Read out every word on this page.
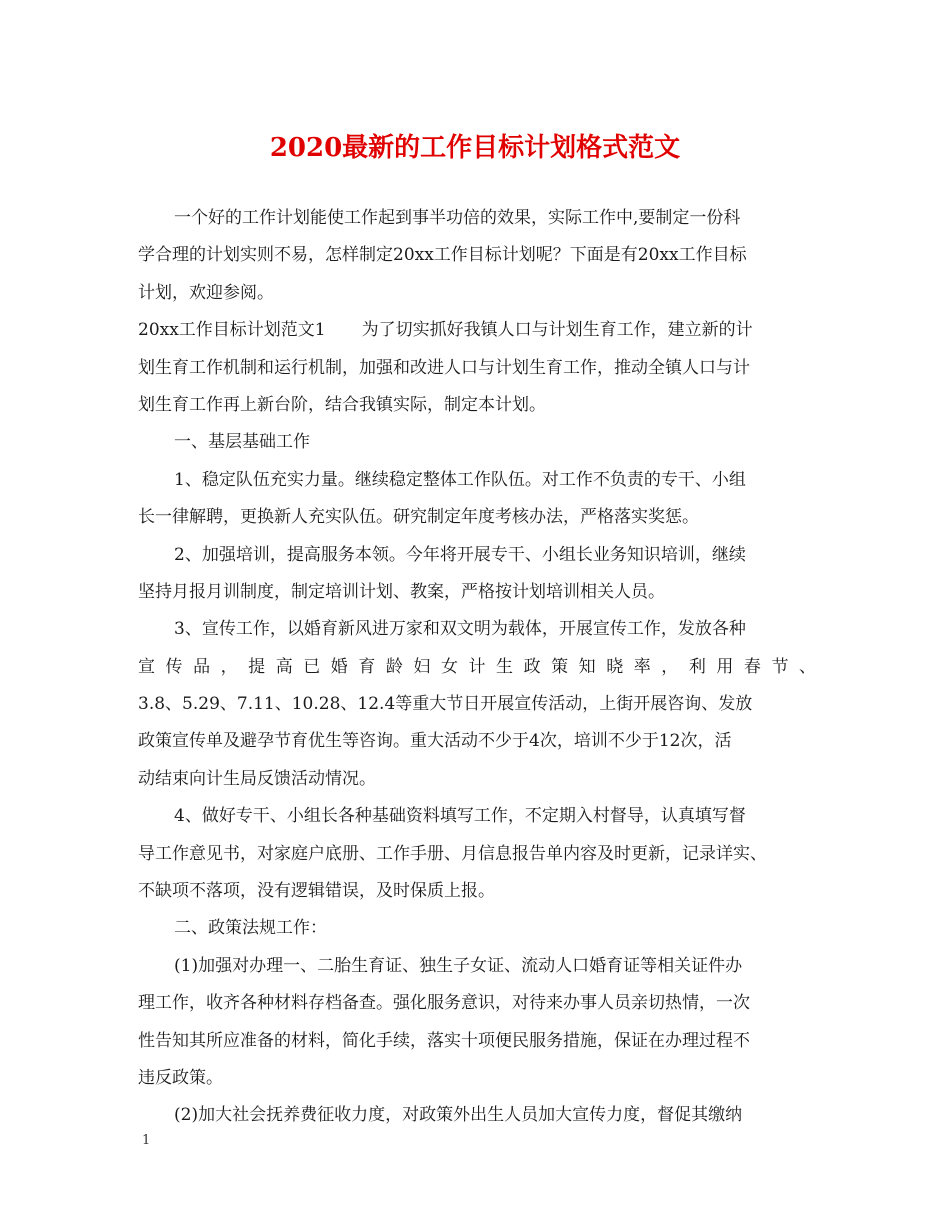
2020最新的工作目标计划格式范文
一个好的工作计划能使工作起到事半功倍的效果，实际工作中,要制定一份科
学合理的计划实则不易，怎样制定20xx工作目标计划呢？下面是有20xx工作目标
计划，欢迎参阅。
20xx工作目标计划范文1 为了切实抓好我镇人口与计划生育工作，建立新的计
划生育工作机制和运行机制，加强和改进人口与计划生育工作，推动全镇人口与计
划生育工作再上新台阶，结合我镇实际，制定本计划。
一、基层基础工作
1、稳定队伍充实力量。继续稳定整体工作队伍。对工作不负责的专干、小组
长一律解聘，更换新人充实队伍。研究制定年度考核办法，严格落实奖惩。
2、加强培训，提高服务本领。今年将开展专干、小组长业务知识培训，继续
坚持月报月训制度，制定培训计划、教案，严格按计划培训相关人员。
3、宣传工作，以婚育新风进万家和双文明为载体，开展宣传工作，发放各种
宣传品，提高已婚育龄妇女计生政策知晓率，利用春节、
3.8、5.29、7.11、10.28、12.4等重大节日开展宣传活动，上街开展咨询、发放
政策宣传单及避孕节育优生等咨询。重大活动不少于4次，培训不少于12次，活
动结束向计生局反馈活动情况。
4、做好专干、小组长各种基础资料填写工作，不定期入村督导，认真填写督
导工作意见书，对家庭户底册、工作手册、月信息报告单内容及时更新，记录详实、
不缺项不落项，没有逻辑错误，及时保质上报。
二、政策法规工作：
(1)加强对办理一、二胎生育证、独生子女证、流动人口婚育证等相关证件办
理工作，收齐各种材料存档备查。强化服务意识，对待来办事人员亲切热情，一次
性告知其所应准备的材料，简化手续，落实十项便民服务措施，保证在办理过程不
违反政策。
(2)加大社会抚养费征收力度，对政策外出生人员加大宣传力度，督促其缴纳
1
